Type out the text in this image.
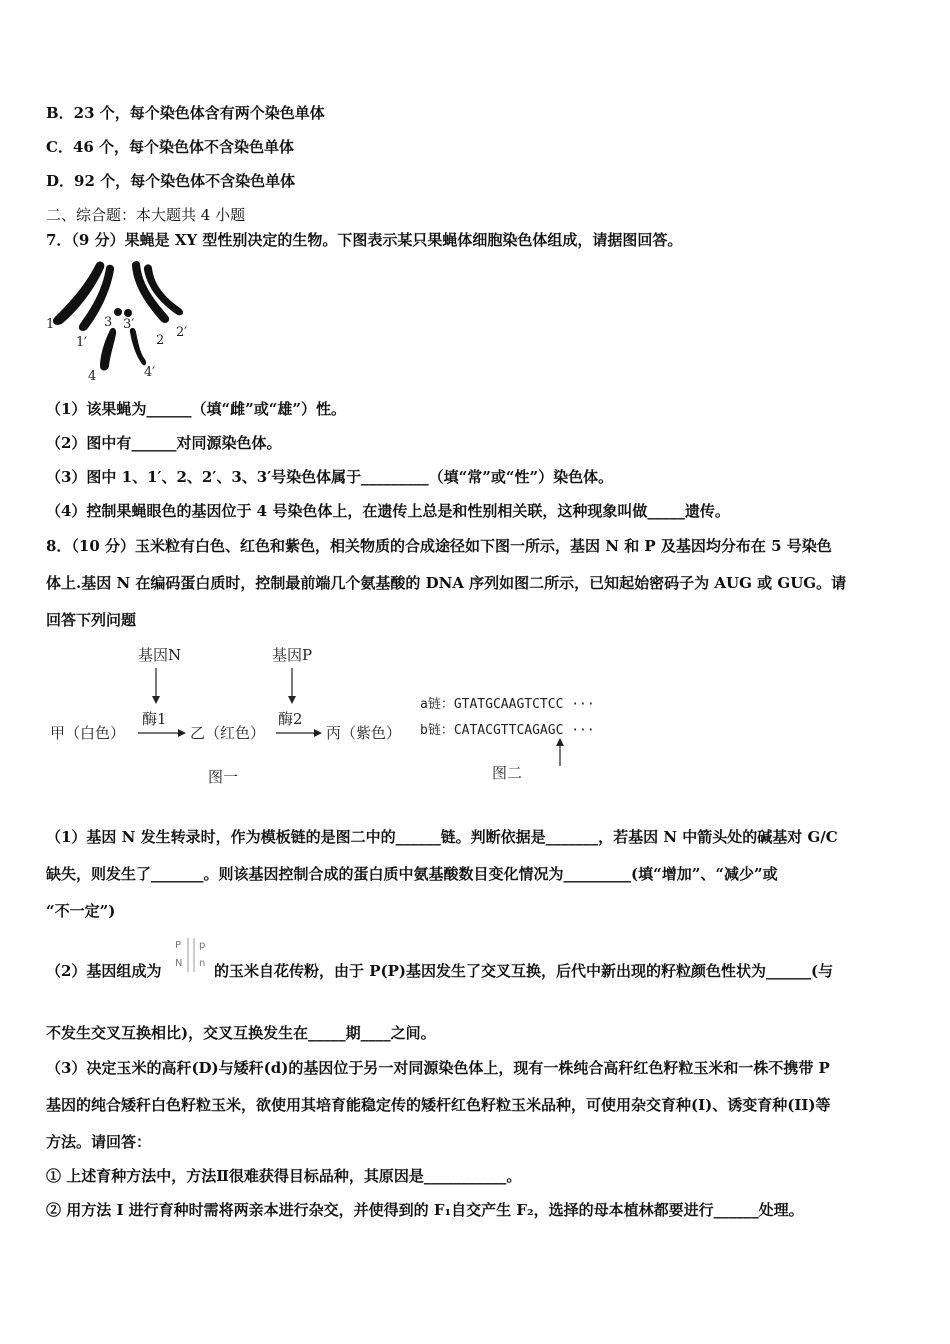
B．23 个，每个染色体含有两个染色单体
C．46 个，每个染色体不含染色单体
D．92 个，每个染色体不含染色单体
二、综合题：本大题共 4 小题
7．（9 分）果蝇是 XY 型性别决定的生物。下图表示某只果蝇体细胞染色体组成，请据图回答。
1
1′
3 3′
2
2′
4	4′
（1）该果蝇为______（填“雌”或“雄”）性。
（2）图中有______对同源染色体。
（3）图中 1、1′、2、2′、3、3′号染色体属于_________（填“常”或“性”）染色体。
（4）控制果蝇眼色的基因位于 4 号染色体上，在遗传上总是和性别相关联，这种现象叫做_____遗传。
8．（10 分）玉米粒有白色、红色和紫色，相关物质的合成途径如下图一所示，基因 N 和 P 及基因均分布在 5 号染色
体上.基因 N 在编码蛋白质时，控制最前端几个氨基酸的 DNA 序列如图二所示，已知起始密码子为 AUG 或 GUG。请
回答下列问题
基因N
酶1
基因P
酶2
甲（白色）	乙（红色）	丙（紫色）
图一
a链：GTATGCAAGTCTCC ···
b链：CATACGTTCAGAGC ···
图二
（1）基因 N 发生转录时，作为模板链的是图二中的______链。判断依据是_______，若基因 N 中箭头处的碱基对 G/C
缺失，则发生了_______。则该基因控制合成的蛋白质中氨基酸数目变化情况为_________(填“增加”、“减少”或
“不一定”)
（2）基因组成为
P
N
p
n 的玉米自花传粉，由于 P(P)基因发生了交叉互换，后代中新出现的籽粒颜色性状为______(与
不发生交叉互换相比)，交叉互换发生在_____期____之间。
（3）决定玉米的高秆(D)与矮秆(d)的基因位于另一对同源染色体上，现有一株纯合高秆红色籽粒玉米和一株不携带 P
基因的纯合矮秆白色籽粒玉米，欲使用其培育能稳定传的矮杆红色籽粒玉米品种，可使用杂交育种(I)、诱变育种(II)等
方法。请回答：
① 上述育种方法中，方法Ⅱ很难获得目标品种，其原因是___________。
② 用方法 I 进行育种时需将两亲本进行杂交，并使得到的 F₁自交产生 F₂，选择的母本植林都要进行______处理。
